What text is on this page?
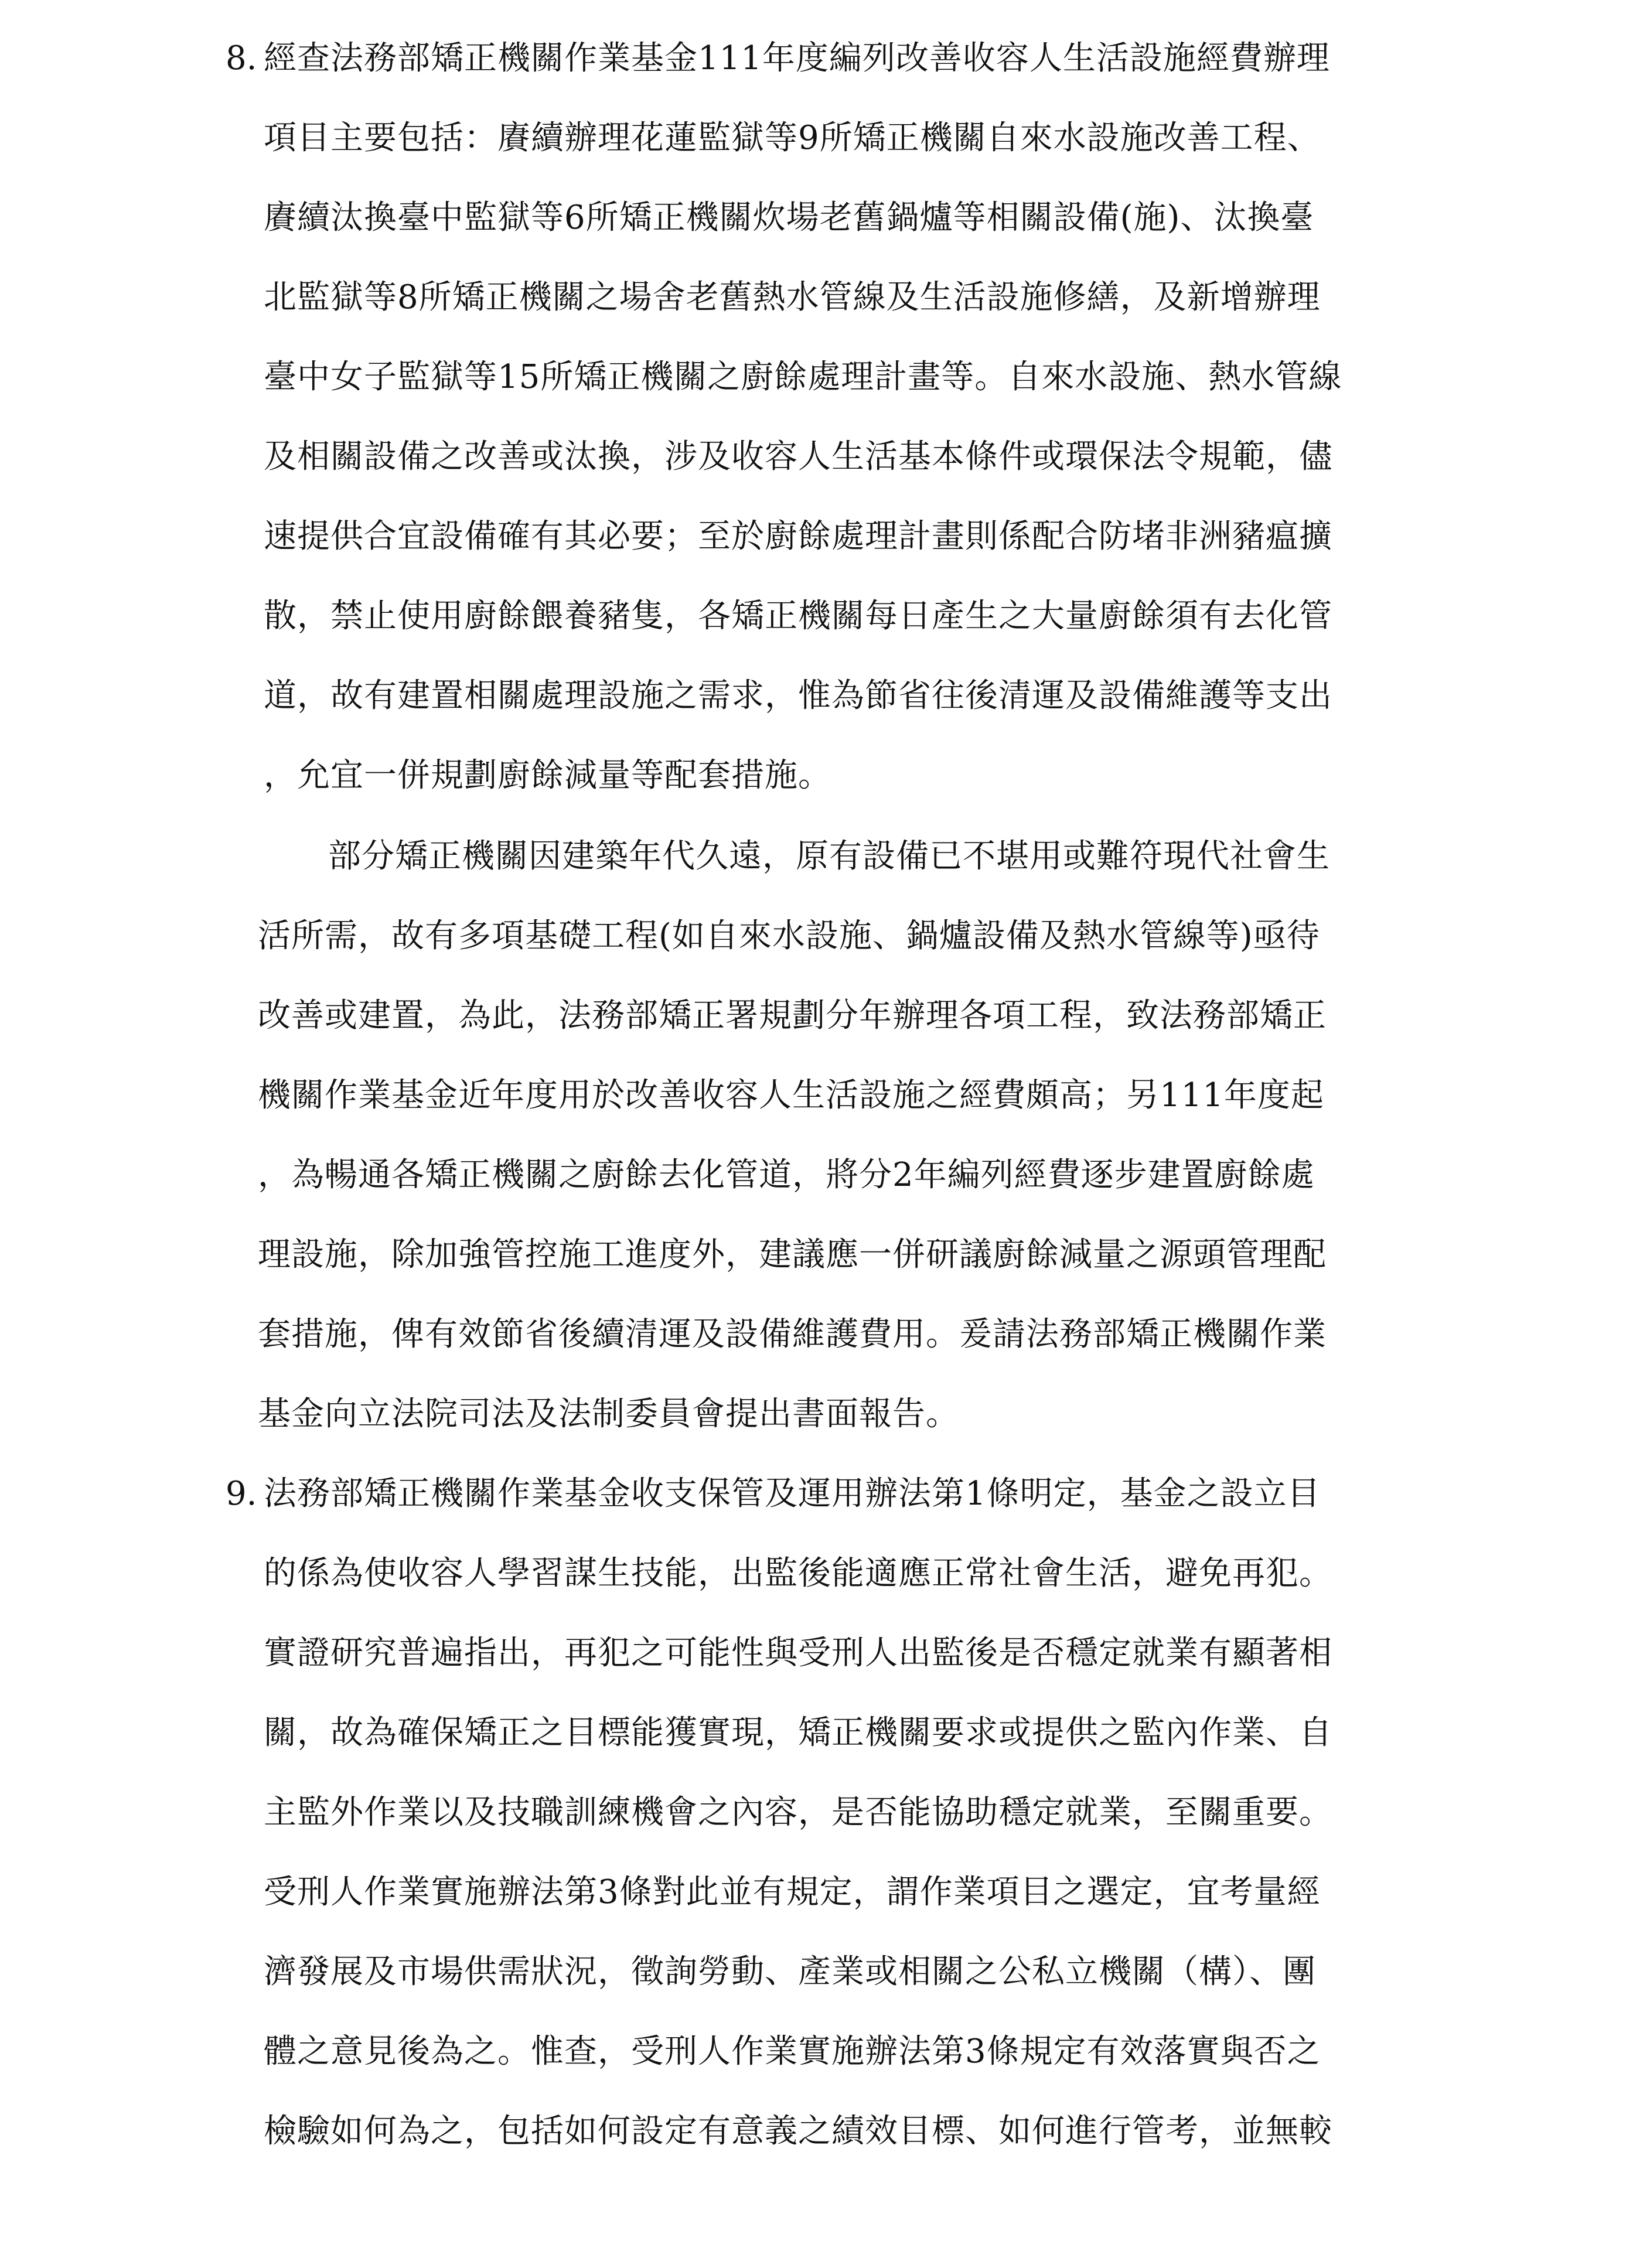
8. 經查法務部矯正機關作業基金111年度編列改善收容人生活設施經費辦理
項目主要包括：賡續辦理花蓮監獄等9所矯正機關自來水設施改善工程、
賡續汰換臺中監獄等6所矯正機關炊場老舊鍋爐等相關設備(施)、汰換臺
北監獄等8所矯正機關之場舍老舊熱水管線及生活設施修繕，及新增辦理
臺中女子監獄等15所矯正機關之廚餘處理計畫等。自來水設施、熱水管線
及相關設備之改善或汰換，涉及收容人生活基本條件或環保法令規範，儘
速提供合宜設備確有其必要；至於廚餘處理計畫則係配合防堵非洲豬瘟擴
散，禁止使用廚餘餵養豬隻，各矯正機關每日產生之大量廚餘須有去化管
道，故有建置相關處理設施之需求，惟為節省往後清運及設備維護等支出
，允宜一併規劃廚餘減量等配套措施。
部分矯正機關因建築年代久遠，原有設備已不堪用或難符現代社會生
活所需，故有多項基礎工程(如自來水設施、鍋爐設備及熱水管線等)亟待
改善或建置，為此，法務部矯正署規劃分年辦理各項工程，致法務部矯正
機關作業基金近年度用於改善收容人生活設施之經費頗高；另111年度起
，為暢通各矯正機關之廚餘去化管道，將分2年編列經費逐步建置廚餘處
理設施，除加強管控施工進度外，建議應一併研議廚餘減量之源頭管理配
套措施，俾有效節省後續清運及設備維護費用。爰請法務部矯正機關作業
基金向立法院司法及法制委員會提出書面報告。
9. 法務部矯正機關作業基金收支保管及運用辦法第1條明定，基金之設立目
的係為使收容人學習謀生技能，出監後能適應正常社會生活，避免再犯。
實證研究普遍指出，再犯之可能性與受刑人出監後是否穩定就業有顯著相
關，故為確保矯正之目標能獲實現，矯正機關要求或提供之監內作業、自
主監外作業以及技職訓練機會之內容，是否能協助穩定就業，至關重要。
受刑人作業實施辦法第3條對此並有規定，謂作業項目之選定，宜考量經
濟發展及市場供需狀況，徵詢勞動、產業或相關之公私立機關（構）、團
體之意見後為之。惟查，受刑人作業實施辦法第3條規定有效落實與否之
檢驗如何為之，包括如何設定有意義之績效目標、如何進行管考，並無較
